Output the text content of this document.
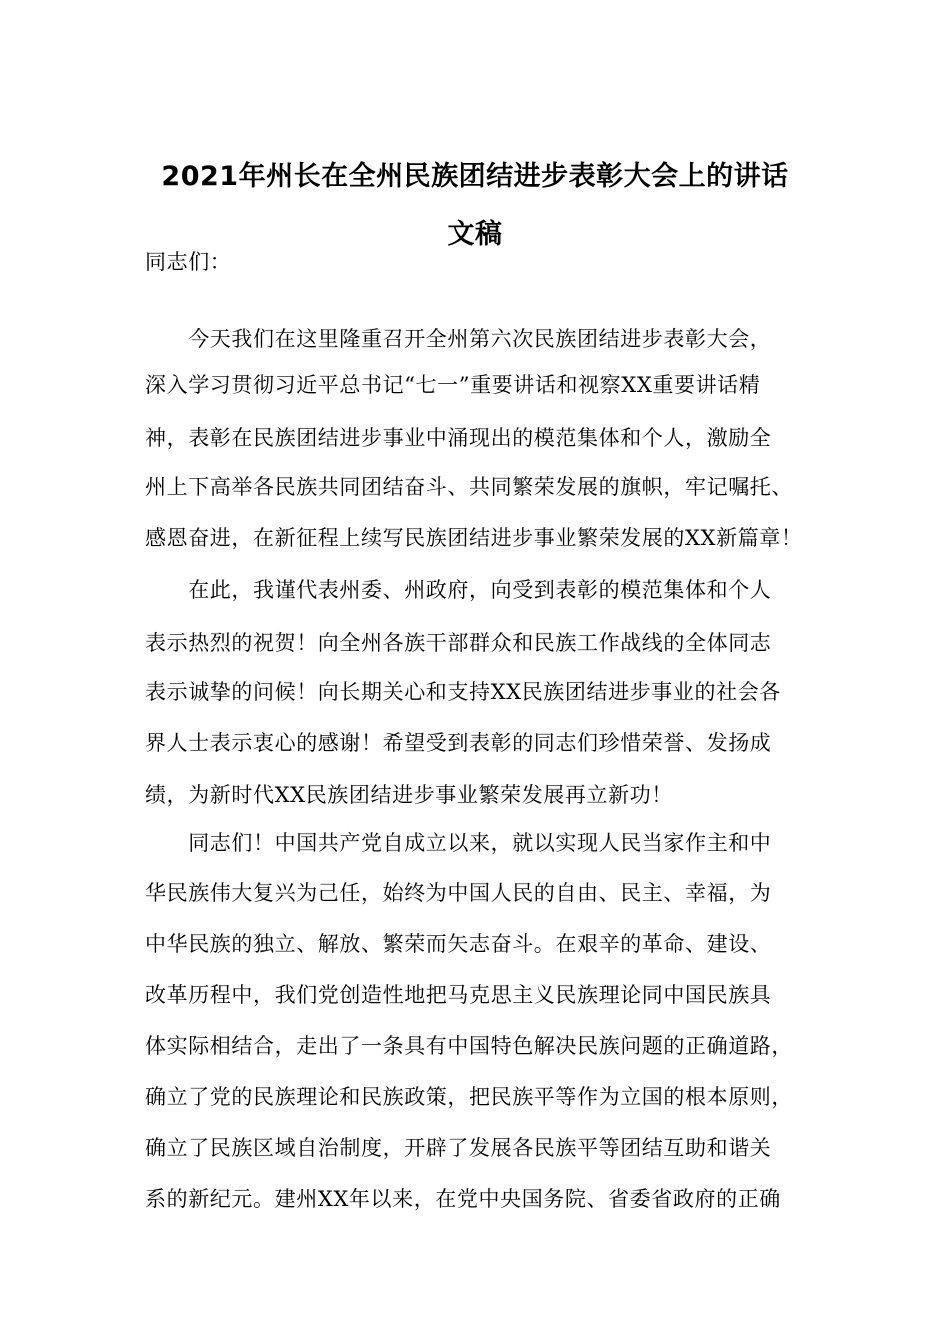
2021年州长在全州民族团结进步表彰大会上的讲话
文稿
同志们：
　　今天我们在这里隆重召开全州第六次民族团结进步表彰大会，
深入学习贯彻习近平总书记“七一”重要讲话和视察XX重要讲话精
神，表彰在民族团结进步事业中涌现出的模范集体和个人，激励全
州上下高举各民族共同团结奋斗、共同繁荣发展的旗帜，牢记嘱托、
感恩奋进，在新征程上续写民族团结进步事业繁荣发展的XX新篇章！
　　在此，我谨代表州委、州政府，向受到表彰的模范集体和个人
表示热烈的祝贺！向全州各族干部群众和民族工作战线的全体同志
表示诚挚的问候！向长期关心和支持XX民族团结进步事业的社会各
界人士表示衷心的感谢！希望受到表彰的同志们珍惜荣誉、发扬成
绩，为新时代XX民族团结进步事业繁荣发展再立新功！
　　同志们！中国共产党自成立以来，就以实现人民当家作主和中
华民族伟大复兴为己任，始终为中国人民的自由、民主、幸福，为
中华民族的独立、解放、繁荣而矢志奋斗。在艰辛的革命、建设、
改革历程中，我们党创造性地把马克思主义民族理论同中国民族具
体实际相结合，走出了一条具有中国特色解决民族问题的正确道路，
确立了党的民族理论和民族政策，把民族平等作为立国的根本原则，
确立了民族区域自治制度，开辟了发展各民族平等团结互助和谐关
系的新纪元。建州XX年以来，在党中央国务院、省委省政府的正确
